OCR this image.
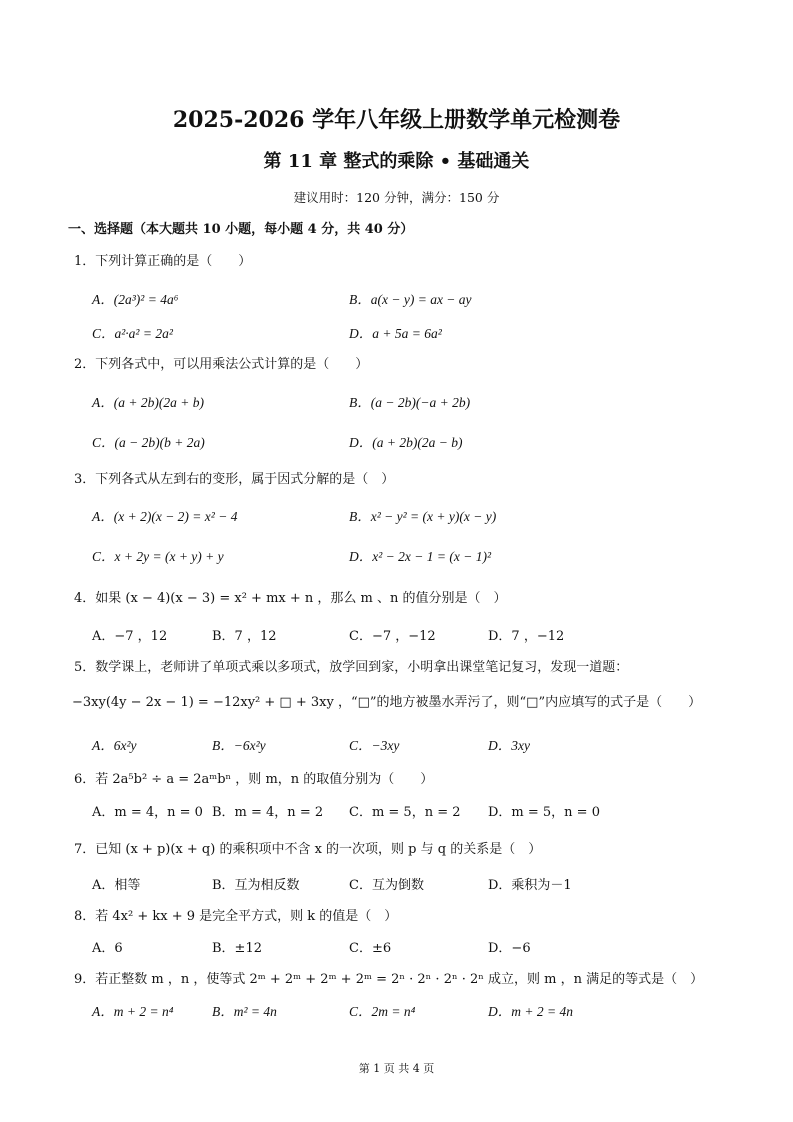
2025-2026 学年八年级上册数学单元检测卷
第 11 章 整式的乘除 • 基础通关
建议用时：120 分钟，满分：150 分
一、选择题（本大题共 10 小题，每小题 4 分，共 40 分）
1．下列计算正确的是（　　）
A．(2a³)² = 4a⁶	B．a(x − y) = ax − ay
C．a²·a² = 2a²	D．a + 5a = 6a²
2．下列各式中，可以用乘法公式计算的是（　　）
A．(a + 2b)(2a + b)	B．(a − 2b)(−a + 2b)
C．(a − 2b)(b + 2a)	D．(a + 2b)(2a − b)
3．下列各式从左到右的变形，属于因式分解的是（　）
A．(x + 2)(x − 2) = x² − 4	B．x² − y² = (x + y)(x − y)
C．x + 2y = (x + y) + y	D．x² − 2x − 1 = (x − 1)²
4．如果 (x − 4)(x − 3) = x² + mx + n ，那么 m 、n 的值分别是（　）
A．−7 ，12	B．7 ，12	C．−7 ，−12	D．7 ，−12
5．数学课上，老师讲了单项式乘以多项式，放学回到家，小明拿出课堂笔记复习，发现一道题：
−3xy(4y − 2x − 1) = −12xy² + □ + 3xy ，“□”的地方被墨水弄污了，则“□”内应填写的式子是（　　）
A．6x²y	B．−6x²y	C．−3xy	D．3xy
6．若 2a⁵b² ÷ a = 2aᵐbⁿ ，则 m，n 的取值分别为（　　）
A．m = 4，n = 0 B．m = 4，n = 2 C．m = 5，n = 2 D．m = 5，n = 0
7．已知 (x + p)(x + q) 的乘积项中不含 x 的一次项，则 p 与 q 的关系是（　）
A．相等	B．互为相反数	C．互为倒数	D．乘积为－1
8．若 4x² + kx + 9 是完全平方式，则 k 的值是（　）
A．6	B．±12	C．±6	D．−6
9．若正整数 m ，n ，使等式 2ᵐ + 2ᵐ + 2ᵐ + 2ᵐ = 2ⁿ · 2ⁿ · 2ⁿ · 2ⁿ 成立，则 m ，n 满足的等式是（　）
A．m + 2 = n⁴	B．m² = 4n	C．2m = n⁴	D．m + 2 = 4n
第 1 页 共 4 页
